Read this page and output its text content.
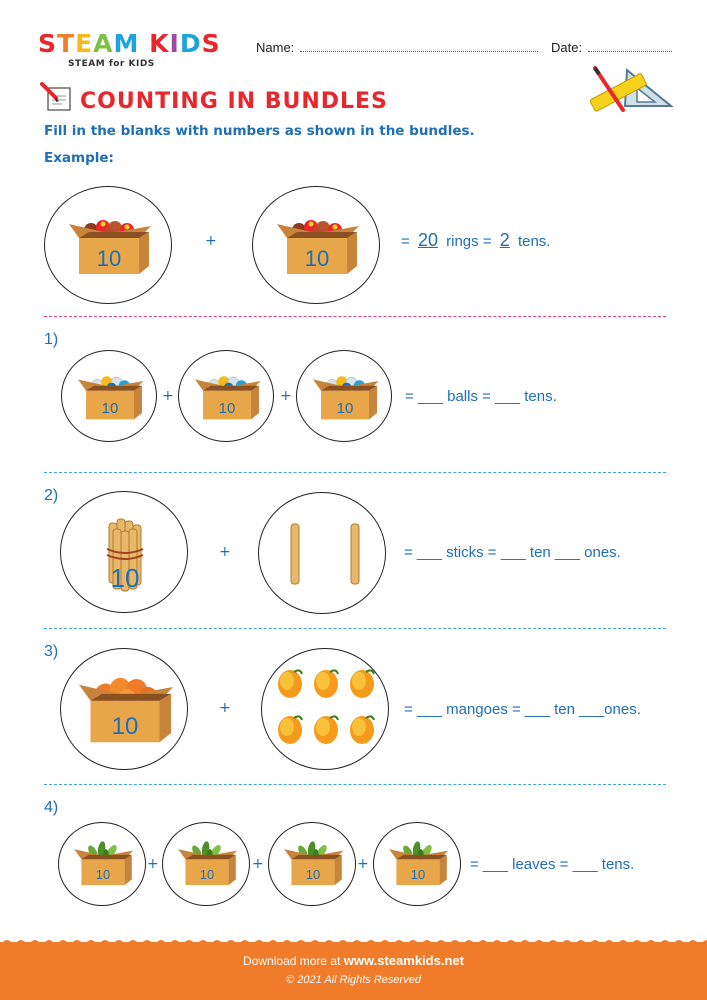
STEAM KIDS
STEAM for KIDS
Name:	Date:
COUNTING IN BUNDLES
Fill in the blanks with numbers as shown in the bundles.
Example:
10
+
10
= 20 rings = 2 tens.
1)
10
+
10
+
10
= ___ balls = ___ tens.
2)
10
+	= ___ sticks = ___ ten ___ ones.
3)
10
+	= ___ mangoes = ___ ten ___ones.
4)
10
+
10
+
10
+
10
= ___ leaves = ___ tens.
Download more at www.steamkids.net
© 2021 All Rights Reserved
